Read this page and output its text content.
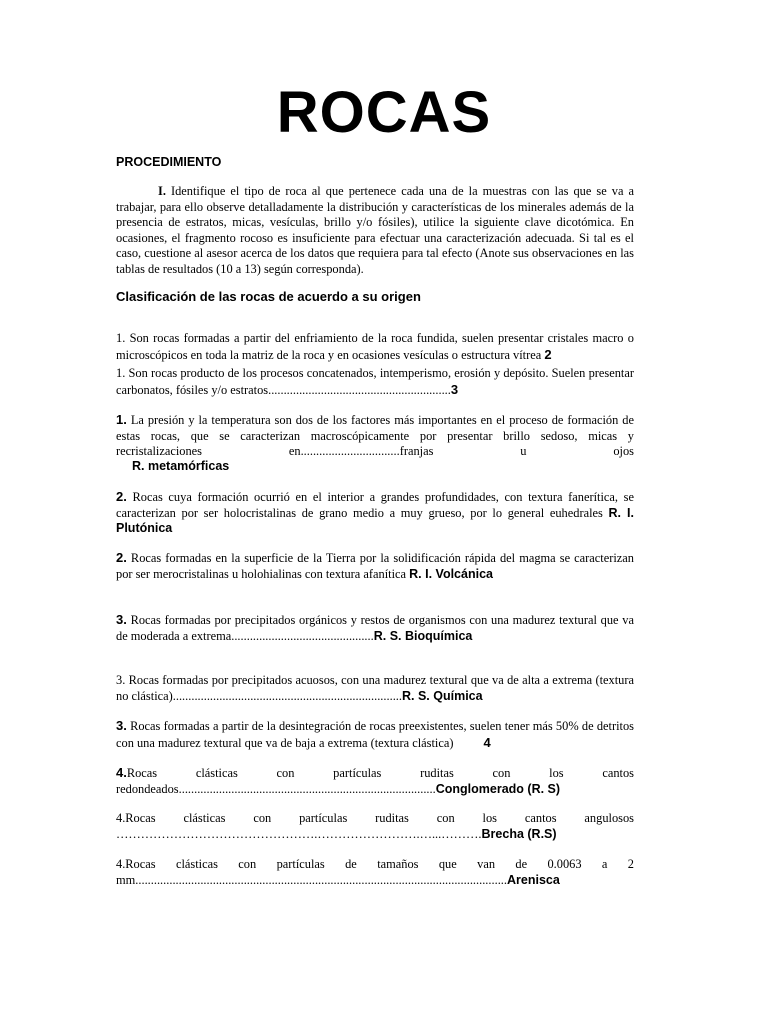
ROCAS
PROCEDIMIENTO

I. Identifique el tipo de roca al que pertenece cada una de la muestras con las que se va a trabajar, para ello observe detalladamente la distribución y características de los minerales además de la presencia de estratos, micas, vesículas, brillo y/o fósiles), utilice la siguiente clave dicotómica. En ocasiones, el fragmento rocoso es insuficiente para efectuar una caracterización adecuada. Si tal es el caso, cuestione al asesor acerca de los datos que requiera para tal efecto (Anote sus observaciones en las tablas de resultados (10 a 13) según corresponda).

Clasificación de las rocas de acuerdo a su origen

1. Son rocas formadas a partir del enfriamiento de la roca fundida, suelen presentar cristales macro o microscópicos en toda la matriz de la roca y en ocasiones vesículas o estructura vítrea 2

1. Son rocas producto de los procesos concatenados, intemperismo, erosión y depósito. Suelen presentar carbonatos, fósiles y/o estratos...........................................................3

1. La presión y la temperatura son dos de los factores más importantes en el proceso de formación de estas rocas, que se caracterizan macroscópicamente por presentar brillo sedoso, micas y recristalizaciones en................................franjas u ojos

R. metamórficas

2. Rocas cuya formación ocurrió en el interior a grandes profundidades, con textura fanerítica, se caracterizan por ser holocristalinas de grano medio a muy grueso, por lo general euhedrales R. I. Plutónica

2. Rocas formadas en la superficie de la Tierra por la solidificación rápida del magma se caracterizan por ser merocristalinas u holohialinas con textura afanítica R. I. Volcánica

3. Rocas formadas por precipitados orgánicos y restos de organismos con una madurez textural que va de moderada a extrema..............................................R. S. Bioquímica

3. Rocas formadas por precipitados acuosos, con una madurez textural que va de alta a extrema (textura no clástica)..........................................................................R. S. Química

3. Rocas formadas a partir de la desintegración de rocas preexistentes, suelen tener más 50% de detritos con una madurez textural que va de baja a extrema (textura clástica) 4

4.Rocas clásticas con partículas ruditas con los cantos redondeados...................................................................................Conglomerado (R. S)

4.Rocas clásticas con partículas ruditas con los cantos angulosos ………………………………………….…………………….…...……….Brecha (R.S)

4.Rocas clásticas con partículas de tamaños que van de 0.0063 a 2 mm........................................................................................................................Arenisca
